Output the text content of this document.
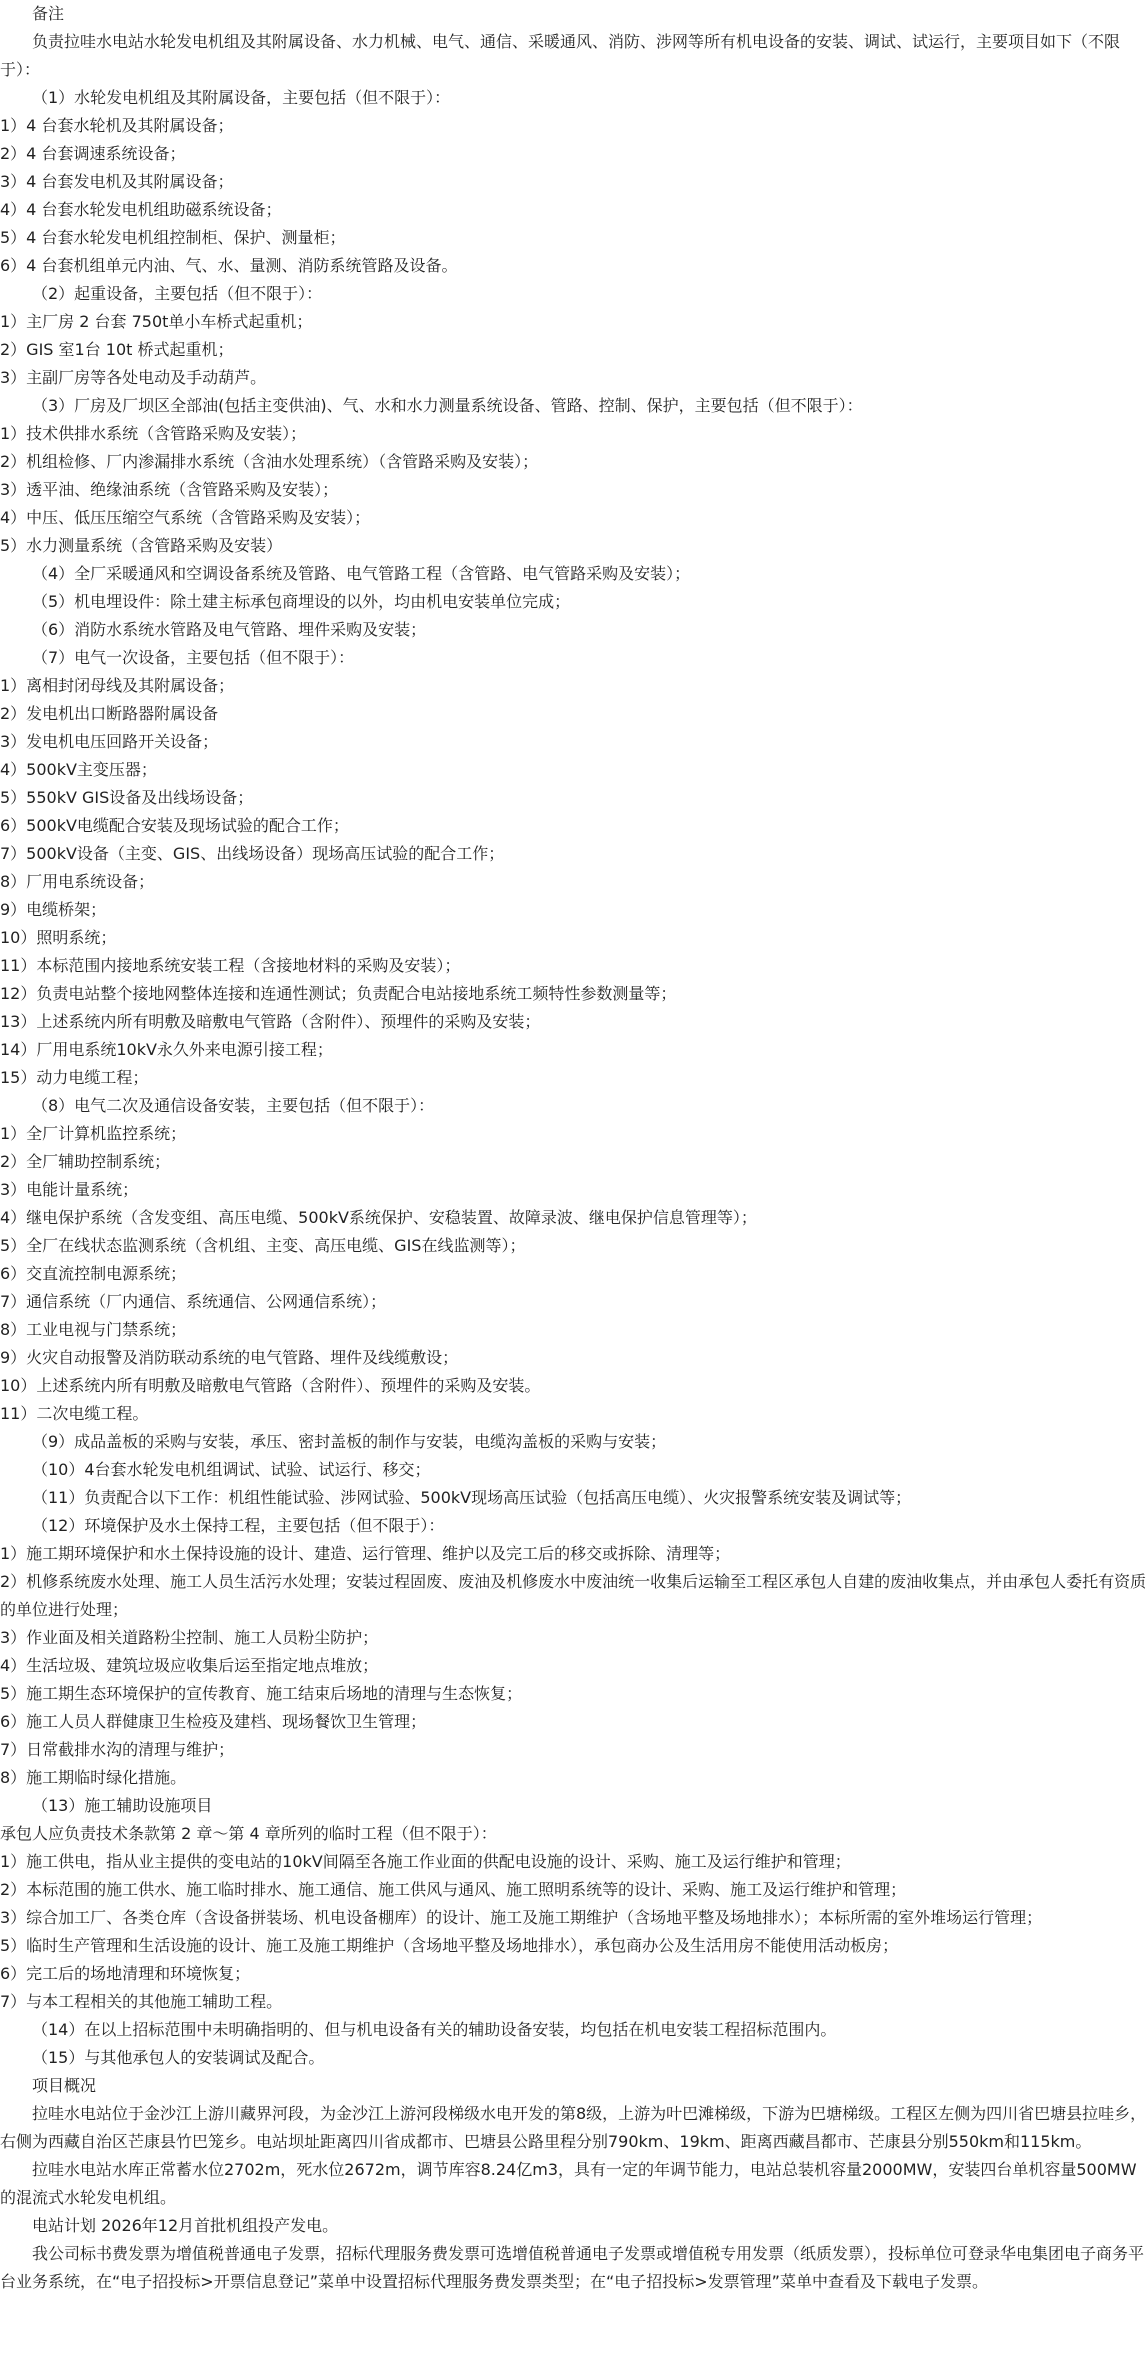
备注

负责拉哇水电站水轮发电机组及其附属设备、水力机械、电气、通信、采暖通风、消防、涉网等所有机电设备的安装、调试、试运行，主要项目如下（不限于）：

（1）水轮发电机组及其附属设备，主要包括（但不限于）：

1）4 台套水轮机及其附属设备；

2）4 台套调速系统设备；

3）4 台套发电机及其附属设备；

4）4 台套水轮发电机组助磁系统设备；

5）4 台套水轮发电机组控制柜、保护、测量柜；

6）4 台套机组单元内油、气、水、量测、消防系统管路及设备。

（2）起重设备，主要包括（但不限于）：

1）主厂房 2 台套 750t单小车桥式起重机；

2）GIS 室1台 10t 桥式起重机；

3）主副厂房等各处电动及手动葫芦。

（3）厂房及厂坝区全部油(包括主变供油)、气、水和水力测量系统设备、管路、控制、保护，主要包括（但不限于）：

1）技术供排水系统（含管路采购及安装）；

2）机组检修、厂内渗漏排水系统（含油水处理系统）（含管路采购及安装）；

3）透平油、绝缘油系统（含管路采购及安装）；

4）中压、低压压缩空气系统（含管路采购及安装）；

5）水力测量系统（含管路采购及安装）

（4）全厂采暖通风和空调设备系统及管路、电气管路工程（含管路、电气管路采购及安装）；

（5）机电埋设件：除土建主标承包商埋设的以外，均由机电安装单位完成；

（6）消防水系统水管路及电气管路、埋件采购及安装；

（7）电气一次设备，主要包括（但不限于）：

1）离相封闭母线及其附属设备；

2）发电机出口断路器附属设备

3）发电机电压回路开关设备；

4）500kV主变压器；

5）550kV GIS设备及出线场设备；

6）500kV电缆配合安装及现场试验的配合工作；

7）500kV设备（主变、GIS、出线场设备）现场高压试验的配合工作；

8）厂用电系统设备；

9）电缆桥架；

10）照明系统；

11）本标范围内接地系统安装工程（含接地材料的采购及安装）；

12）负责电站整个接地网整体连接和连通性测试；负责配合电站接地系统工频特性参数测量等；

13）上述系统内所有明敷及暗敷电气管路（含附件）、预埋件的采购及安装；

14）厂用电系统10kV永久外来电源引接工程；

15）动力电缆工程；

（8）电气二次及通信设备安装，主要包括（但不限于）：

1）全厂计算机监控系统；

2）全厂辅助控制系统；

3）电能计量系统；

4）继电保护系统（含发变组、高压电缆、500kV系统保护、安稳装置、故障录波、继电保护信息管理等）；

5）全厂在线状态监测系统（含机组、主变、高压电缆、GIS在线监测等）；

6）交直流控制电源系统；

7）通信系统（厂内通信、系统通信、公网通信系统）；

8）工业电视与门禁系统；

9）火灾自动报警及消防联动系统的电气管路、埋件及线缆敷设；

10）上述系统内所有明敷及暗敷电气管路（含附件）、预埋件的采购及安装。

11）二次电缆工程。

（9）成品盖板的采购与安装，承压、密封盖板的制作与安装，电缆沟盖板的采购与安装；

（10）4台套水轮发电机组调试、试验、试运行、移交；

（11）负责配合以下工作：机组性能试验、涉网试验、500kV现场高压试验（包括高压电缆）、火灾报警系统安装及调试等；

（12）环境保护及水土保持工程，主要包括（但不限于）：

1）施工期环境保护和水土保持设施的设计、建造、运行管理、维护以及完工后的移交或拆除、清理等；

2）机修系统废水处理、施工人员生活污水处理；安装过程固废、废油及机修废水中废油统一收集后运输至工程区承包人自建的废油收集点，并由承包人委托有资质的单位进行处理；

3）作业面及相关道路粉尘控制、施工人员粉尘防护；

4）生活垃圾、建筑垃圾应收集后运至指定地点堆放；

5）施工期生态环境保护的宣传教育、施工结束后场地的清理与生态恢复；

6）施工人员人群健康卫生检疫及建档、现场餐饮卫生管理；

7）日常截排水沟的清理与维护；

8）施工期临时绿化措施。

（13）施工辅助设施项目

承包人应负责技术条款第 2 章～第 4 章所列的临时工程（但不限于）：

1）施工供电，指从业主提供的变电站的10kV间隔至各施工作业面的供配电设施的设计、采购、施工及运行维护和管理；

2）本标范围的施工供水、施工临时排水、施工通信、施工供风与通风、施工照明系统等的设计、采购、施工及运行维护和管理；

3）综合加工厂、各类仓库（含设备拼装场、机电设备棚库）的设计、施工及施工期维护（含场地平整及场地排水）；本标所需的室外堆场运行管理；

5）临时生产管理和生活设施的设计、施工及施工期维护（含场地平整及场地排水），承包商办公及生活用房不能使用活动板房；

6）完工后的场地清理和环境恢复；

7）与本工程相关的其他施工辅助工程。

（14）在以上招标范围中未明确指明的、但与机电设备有关的辅助设备安装，均包括在机电安装工程招标范围内。

（15）与其他承包人的安装调试及配合。

项目概况

拉哇水电站位于金沙江上游川藏界河段，为金沙江上游河段梯级水电开发的第8级，上游为叶巴滩梯级，下游为巴塘梯级。工程区左侧为四川省巴塘县拉哇乡，右侧为西藏自治区芒康县竹巴笼乡。电站坝址距离四川省成都市、巴塘县公路里程分别790km、19km、距离西藏昌都市、芒康县分别550km和115km。

拉哇水电站水库正常蓄水位2702m，死水位2672m，调节库容8.24亿m3，具有一定的年调节能力，电站总装机容量2000MW，安装四台单机容量500MW的混流式水轮发电机组。

电站计划 2026年12月首批机组投产发电。

我公司标书费发票为增值税普通电子发票，招标代理服务费发票可选增值税普通电子发票或增值税专用发票（纸质发票），投标单位可登录华电集团电子商务平台业务系统，在“电子招投标>开票信息登记”菜单中设置招标代理服务费发票类型；在“电子招投标>发票管理”菜单中查看及下载电子发票。
